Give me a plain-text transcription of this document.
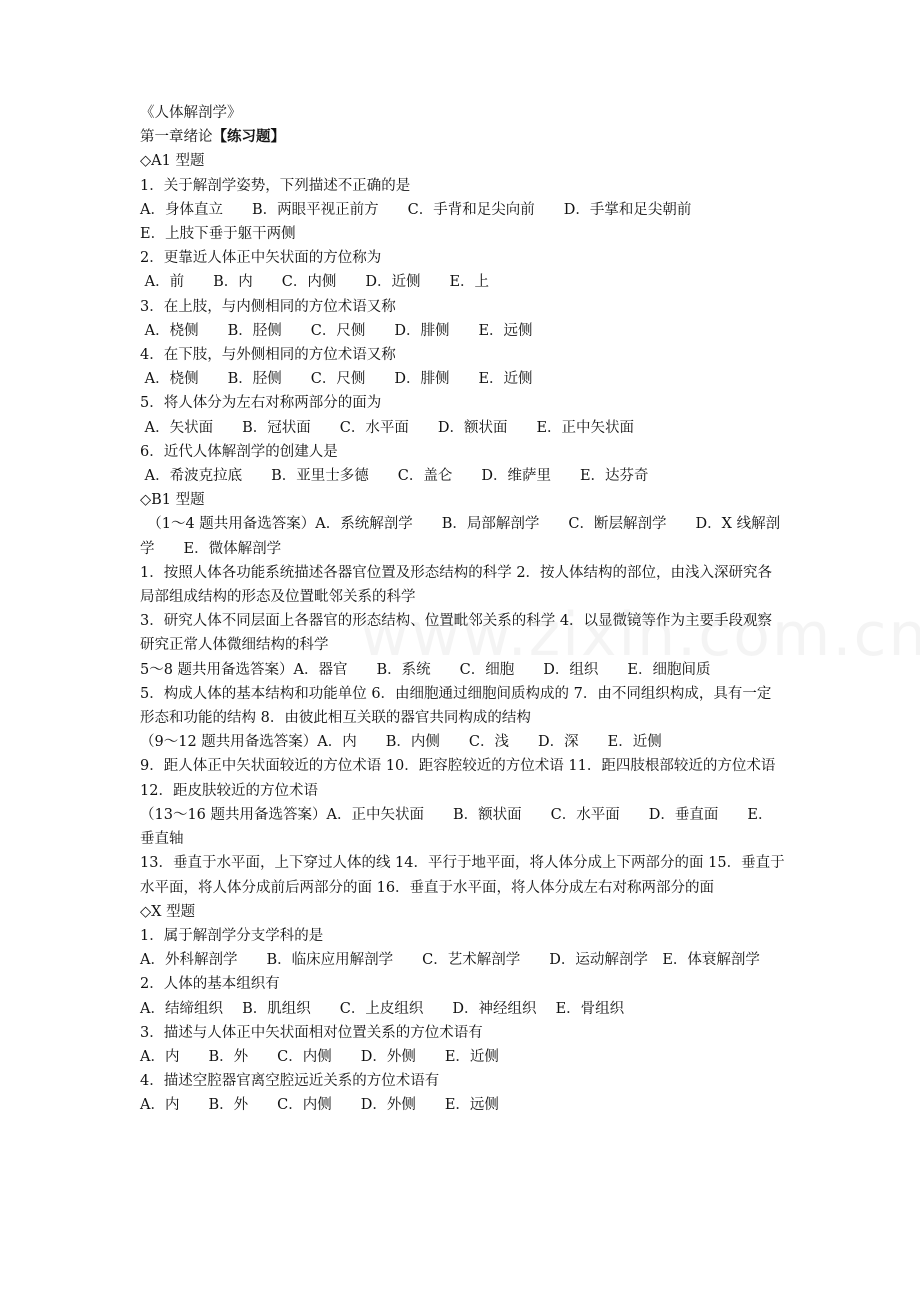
《人体解剖学》
第一章绪论【练习题】
◇A1 型题
1．关于解剖学姿势，下列描述不正确的是
A．身体直立　　B．两眼平视正前方　　C．手背和足尖向前　　D．手掌和足尖朝前
E．上肢下垂于躯干两侧
2．更靠近人体正中矢状面的方位称为
A．前　　B．内　　C．内侧　　D．近侧　　E．上
3．在上肢，与内侧相同的方位术语又称
A．桡侧　　B．胫侧　　C．尺侧　　D．腓侧　　E．远侧
4．在下肢，与外侧相同的方位术语又称
A．桡侧　　B．胫侧　　C．尺侧　　D．腓侧　　E．近侧
5．将人体分为左右对称两部分的面为
A．矢状面　　B．冠状面　　C．水平面　　D．额状面　　E．正中矢状面
6．近代人体解剖学的创建人是
A．希波克拉底　　B．亚里士多德　　C．盖仑　　D．维萨里　　E．达芬奇
◇B1 型题
　（1～4 题共用备选答案）A．系统解剖学　　B．局部解剖学　　C．断层解剖学　　D．X 线解剖学　　E．微体解剖学
1．按照人体各功能系统描述各器官位置及形态结构的科学 2．按人体结构的部位，由浅入深研究各局部组成结构的形态及位置毗邻关系的科学
3．研究人体不同层面上各器官的形态结构、位置毗邻关系的科学 4．以显微镜等作为主要手段观察研究正常人体微细结构的科学
5～8 题共用备选答案）A．器官　　B．系统　　C．细胞　　D．组织　　E．细胞间质
5．构成人体的基本结构和功能单位 6．由细胞通过细胞间质构成的 7．由不同组织构成，具有一定形态和功能的结构 8．由彼此相互关联的器官共同构成的结构
（9～12 题共用备选答案）A．内　　B．内侧　　C．浅　　D．深　　E．近侧
9．距人体正中矢状面较近的方位术语 10．距容腔较近的方位术语 11．距四肢根部较近的方位术语 12．距皮肤较近的方位术语
（13～16 题共用备选答案）A．正中矢状面　　B．额状面　　C．水平面　　D．垂直面　　E．垂直轴
13．垂直于水平面，上下穿过人体的线 14．平行于地平面，将人体分成上下两部分的面 15．垂直于水平面，将人体分成前后两部分的面 16．垂直于水平面，将人体分成左右对称两部分的面
◇X 型题
1．属于解剖学分支学科的是
A．外科解剖学　　B．临床应用解剖学　　C．艺术解剖学　　D．运动解剖学　E．体衰解剖学
2．人体的基本组织有
A．结缔组织　 B．肌组织　　C．上皮组织　　D．神经组织　 E．骨组织
3．描述与人体正中矢状面相对位置关系的方位术语有
A．内　　B．外　　C．内侧　　D．外侧　　E．近侧
4．描述空腔器官离空腔远近关系的方位术语有
A．内　　B．外　　C．内侧　　D．外侧　　E．远侧
